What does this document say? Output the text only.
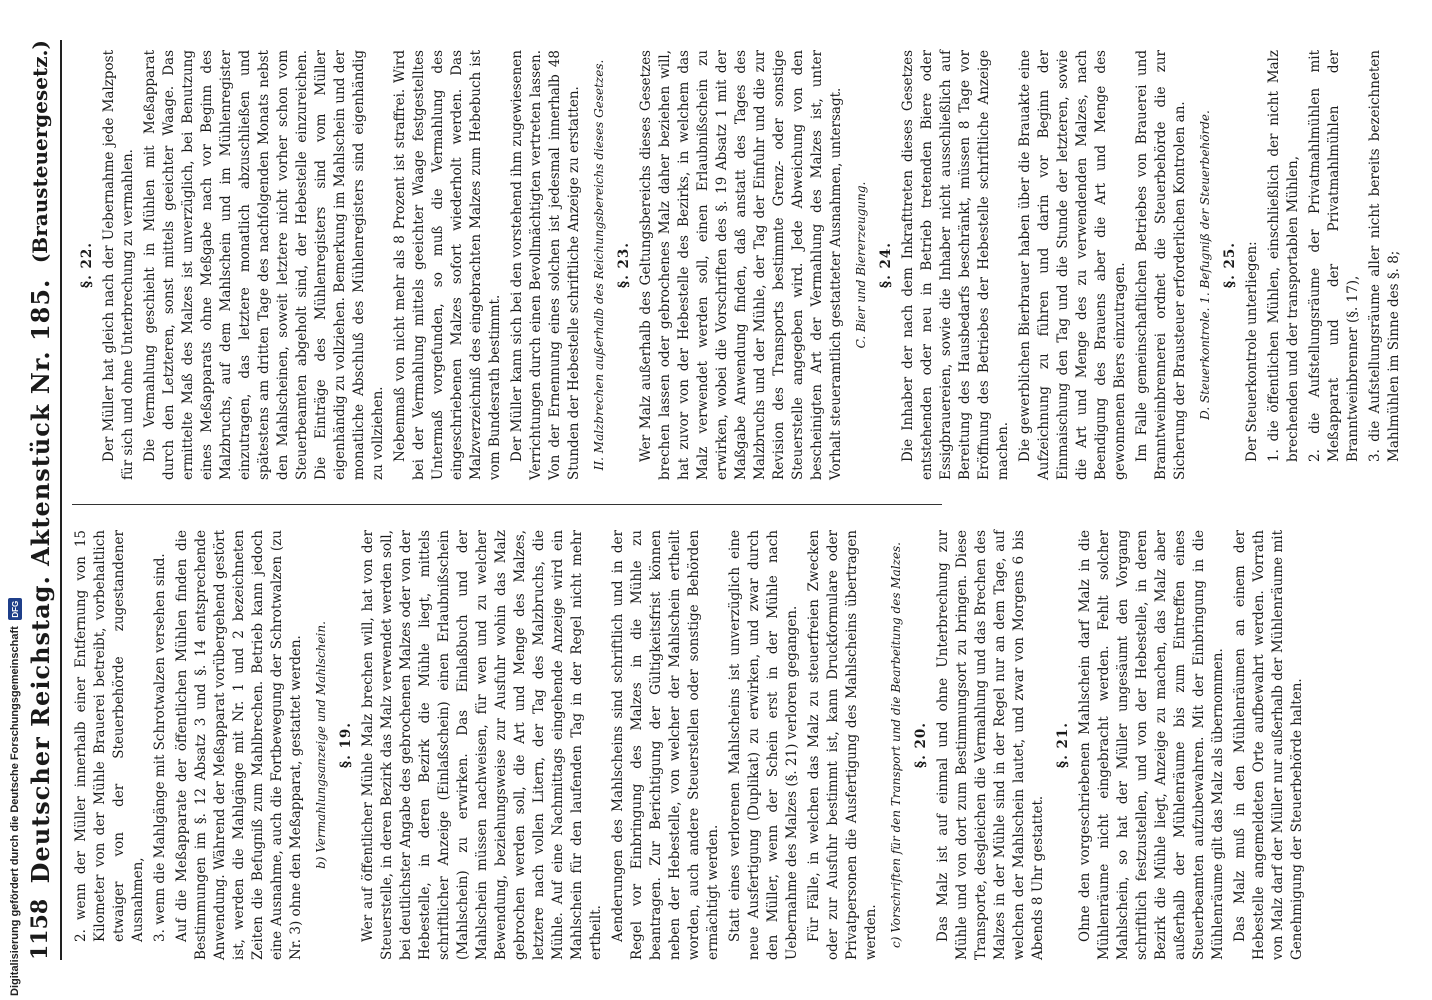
1158
Deutscher Reichstag. Aktenstück Nr. 185.
(Brausteuergesetz.)

2. wenn der Müller innerhalb einer Entfernung von 15 Kilometer von der Mühle Brauerei betreibt, vorbehaltlich etwaiger von der Steuerbehörde zugestandener Ausnahmen, 3. wenn die Mahlgänge mit Schrotwalzen versehen sind. Auf die Meßapparate der öffentlichen Mühlen finden die Bestimmungen im §. 12 Absatz 3 und §. 14 entsprechende Anwendung. Während der Meßapparat vorübergehend gestört ist, werden die Mahlgänge mit Nr. 1 und 2 bezeichneten Zeiten die Befugniß zum Mahlbrechen. Betrieb kann jedoch eine Ausnahme, auch die Fortbewegung der Schrotwalzen (zu Nr. 3) ohne den Meßapparat, gestattet werden. b) Vermahlungsanzeige und Mahlschein. §. 19. Wer auf öffentlicher Mühle Malz brechen will, hat von der Steuerstelle, in deren Bezirk das Malz verwendet werden soll, bei deutlichster Angabe des gebrochenen Malzes oder von der Hebestelle, in deren Bezirk die Mühle liegt, mittels schriftlicher Anzeige (Einlaßschein) einen Erlaubnißschein (Mahlschein) zu erwirken. Das Einlaßbuch und der Mahlschein müssen nachweisen, für wen und zu welcher Bewendung, beziehungsweise zur Ausfuhr wohin das Malz gebrochen werden soll, die Art und Menge des Malzes, letztere nach vollen Litern, der Tag des Malzbruchs, die Mühle. Auf eine Nachmittags eingehende Anzeige wird ein Mahlschein für den laufenden Tag in der Regel nicht mehr ertheilt. Aenderungen des Mahlscheins sind schriftlich und in der Regel vor Einbringung des Malzes in die Mühle zu beantragen. Zur Berichtigung der Gültigkeitsfrist können neben der Hebestelle, von welcher der Mahlschein ertheilt worden, auch andere Steuerstellen oder sonstige Behörden ermächtigt werden. Statt eines verlorenen Mahlscheins ist unverzüglich eine neue Ausfertigung (Duplikat) zu erwirken, und zwar durch den Müller, wenn der Schein erst in der Mühle nach Uebernahme des Malzes (§. 21) verloren gegangen. Für Fälle, in welchen das Malz zu steuerfreien Zwecken oder zur Ausfuhr bestimmt ist, kann Druckformulare oder Privatpersonen die Ausfertigung des Mahlscheins übertragen werden. c) Vorschriften für den Transport und die Bearbeitung des Malzes. §. 20. Das Malz ist auf einmal und ohne Unterbrechung zur Mühle und von dort zum Bestimmungsort zu bringen. Diese Transporte, desgleichen die Vermahlung und das Brechen des Malzes in der Mühle sind in der Regel nur an dem Tage, auf welchen der Mahlschein lautet, und zwar von Morgens 6 bis Abends 8 Uhr gestattet.

§. 21. Ohne den vorgeschriebenen Mahlschein darf Malz in die Mühlenräume nicht eingebracht werden. Fehlt solcher Mahlschein, so hat der Müller ungesäumt den Vorgang schriftlich festzustellen, und von der Hebestelle, in deren Bezirk die Mühle liegt, Anzeige zu machen, das Malz aber außerhalb der Mühlenräume bis zum Eintreffen eines Steuerbeamten aufzubewahren. Mit der Einbringung in die Mühlenräume gilt das Malz als übernommen. Das Malz muß in den Mühlenräumen an einem der Hebestelle angemeldeten Orte aufbewahrt werden. Vorrath von Malz darf der Müller nur außerhalb der Mühlenräume mit Genehmigung der Steuerbehörde halten.

§. 22. Der Müller hat gleich nach der Uebernahme jede Malzpost für sich und ohne Unterbrechung zu vermahlen. Die Vermahlung geschieht in Mühlen mit Meßapparat durch den Letzteren, sonst mittels geeichter Waage. Das ermittelte Maß des Malzes ist unverzüglich, bei Benutzung eines Meßapparats ohne Meßgabe nach vor Beginn des Malzbruchs, auf dem Mahlschein und im Mühlenregister einzutragen, das letztere monatlich abzuschließen und spätestens am dritten Tage des nachfolgenden Monats nebst den Mahlscheinen, soweit letztere nicht vorher schon vom Steuerbeamten abgeholt sind, der Hebestelle einzureichen. Die Einträge des Mühlenregisters sind vom Müller eigenhändig zu vollziehen. Bemerkung im Mahlschein und der monatliche Abschluß des Mühlenregisters sind eigenhändig zu vollziehen. Nebenmaß von nicht mehr als 8 Prozent ist straffrei. Wird bei der Vermahlung mittels geeichter Waage festgestelltes Untermaß vorgefunden, so muß die Vermahlung des eingeschriebenen Malzes sofort wiederholt werden. Das Malzverzeichniß des eingebrachten Malzes zum Hebebuch ist vom Bundesrath bestimmt. Der Müller kann sich bei den vorstehend ihm zugewiesenen Verrichtungen durch einen Bevollmächtigten vertreten lassen. Von der Ernennung eines solchen ist jedesmal innerhalb 48 Stunden der Hebestelle schriftliche Anzeige zu erstatten. II. Malzbrechen außerhalb des Reichungsbereichs dieses Gesetzes. §. 23. Wer Malz außerhalb des Geltungsbereichs dieses Gesetzes brechen lassen oder gebrochenes Malz daher beziehen will, hat zuvor von der Hebestelle des Bezirks, in welchem das Malz verwendet werden soll, einen Erlaubnißschein zu erwirken, wobei die Vorschriften des §. 19 Absatz 1 mit der Maßgabe Anwendung finden, daß anstatt des Tages des Malzbruchs und der Mühle, der Tag der Einfuhr und die zur Revision des Transports bestimmte Grenz- oder sonstige Steuerstelle angegeben wird. Jede Abweichung von den bescheinigten Art der Vermahlung des Malzes ist, unter Vorhalt steueramtlich gestatteter Ausnahmen, untersagt. C. Bier und Biererzeugung. §. 24. Die Inhaber der nach dem Inkrafttreten dieses Gesetzes entstehenden oder neu in Betrieb tretenden Biere oder Essigbrauereien, sowie die Inhaber nicht ausschließlich auf Bereitung des Hausbedarfs beschränkt, müssen 8 Tage vor Eröffnung des Betriebes der Hebestelle schriftliche Anzeige machen. Die gewerblichen Bierbrauer haben über die Brauakte eine Aufzeichnung zu führen und darin vor Beginn der Einmaischung den Tag und die Stunde der letzteren, sowie die Art und Menge des zu verwendenden Malzes, nach Beendigung des Brauens aber die Art und Menge des gewonnenen Biers einzutragen. Im Falle gemeinschaftlichen Betriebes von Brauerei und Branntweinbrennerei ordnet die Steuerbehörde die zur Sicherung der Brausteuer erforderlichen Kontrolen an. D. Steuerkontrole. 1. Befugniß der Steuerbehörde. §. 25. Der Steuerkontrole unterliegen: 1. die öffentlichen Mühlen, einschließlich der nicht Malz brechenden und der transportablen Mühlen, 2. die Aufstellungsräume der Privatmahlmühlen mit Meßapparat und der Privatmahlmühlen der Branntweinbrenner (§. 17), 3. die Aufstellungsräume aller nicht bereits bezeichneten Mahlmühlen im Sinne des §. 8;

Digitalisierung gefördert durch die Deutsche Forschungsgemeinschaft
DFG
